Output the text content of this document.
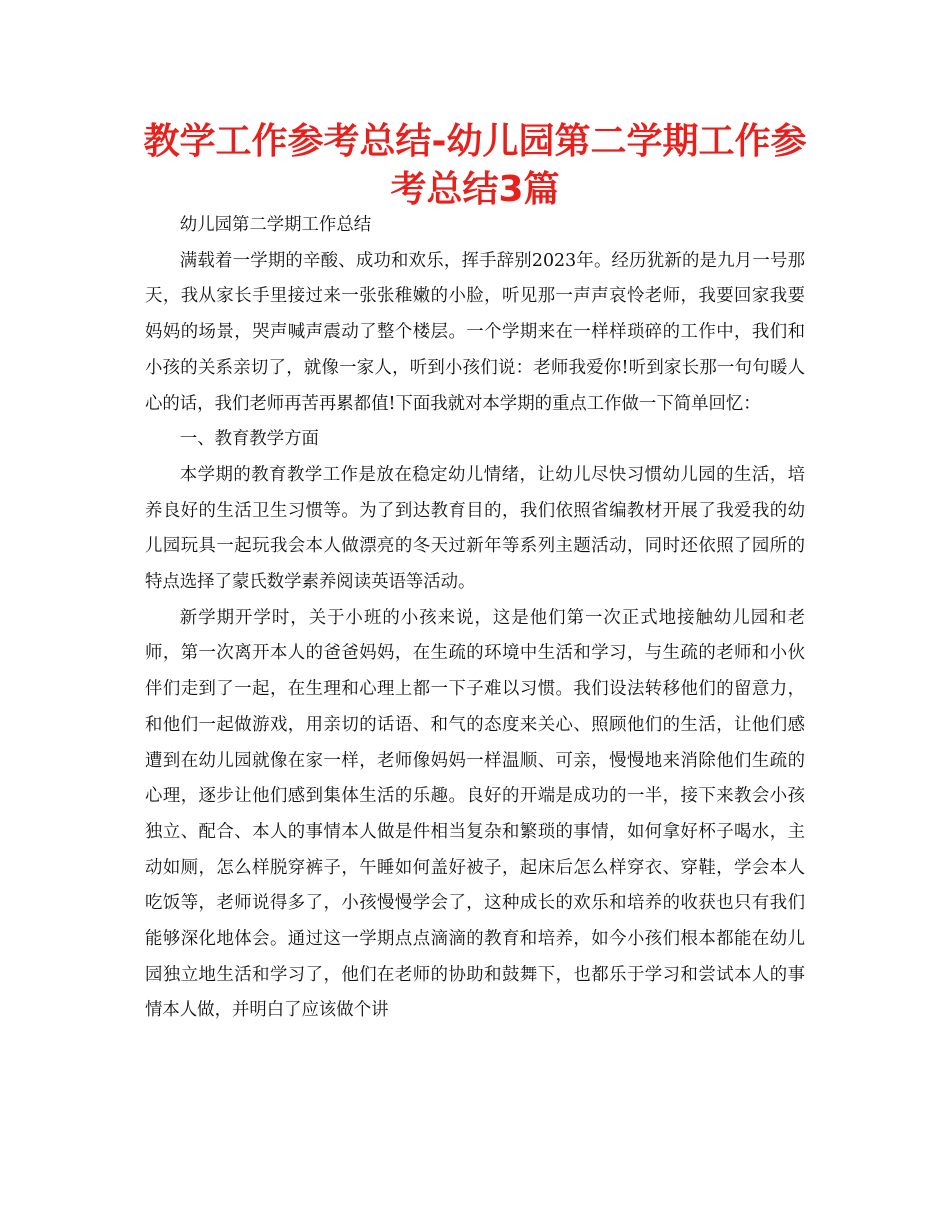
教学工作参考总结-幼儿园第二学期工作参考总结3篇

幼儿园第二学期工作总结

满载着一学期的辛酸、成功和欢乐，挥手辞别2023年。经历犹新的是九月一号那天，我从家长手里接过来一张张稚嫩的小脸，听见那一声声哀怜老师，我要回家我要妈妈的场景，哭声喊声震动了整个楼层。一个学期来在一样样琐碎的工作中，我们和小孩的关系亲切了，就像一家人，听到小孩们说：老师我爱你!听到家长那一句句暖人心的话，我们老师再苦再累都值!下面我就对本学期的重点工作做一下简单回忆：

一、教育教学方面

本学期的教育教学工作是放在稳定幼儿情绪，让幼儿尽快习惯幼儿园的生活，培养良好的生活卫生习惯等。为了到达教育目的，我们依照省编教材开展了我爱我的幼儿园玩具一起玩我会本人做漂亮的冬天过新年等系列主题活动，同时还依照了园所的特点选择了蒙氏数学素养阅读英语等活动。

新学期开学时，关于小班的小孩来说，这是他们第一次正式地接触幼儿园和老师，第一次离开本人的爸爸妈妈，在生疏的环境中生活和学习，与生疏的老师和小伙伴们走到了一起，在生理和心理上都一下子难以习惯。我们设法转移他们的留意力，和他们一起做游戏，用亲切的话语、和气的态度来关心、照顾他们的生活，让他们感遭到在幼儿园就像在家一样，老师像妈妈一样温顺、可亲，慢慢地来消除他们生疏的心理，逐步让他们感到集体生活的乐趣。良好的开端是成功的一半，接下来教会小孩独立、配合、本人的事情本人做是件相当复杂和繁琐的事情，如何拿好杯子喝水，主动如厕，怎么样脱穿裤子，午睡如何盖好被子，起床后怎么样穿衣、穿鞋，学会本人吃饭等，老师说得多了，小孩慢慢学会了，这种成长的欢乐和培养的收获也只有我们能够深化地体会。通过这一学期点点滴滴的教育和培养，如今小孩们根本都能在幼儿园独立地生活和学习了，他们在老师的协助和鼓舞下，也都乐于学习和尝试本人的事情本人做，并明白了应该做个讲
